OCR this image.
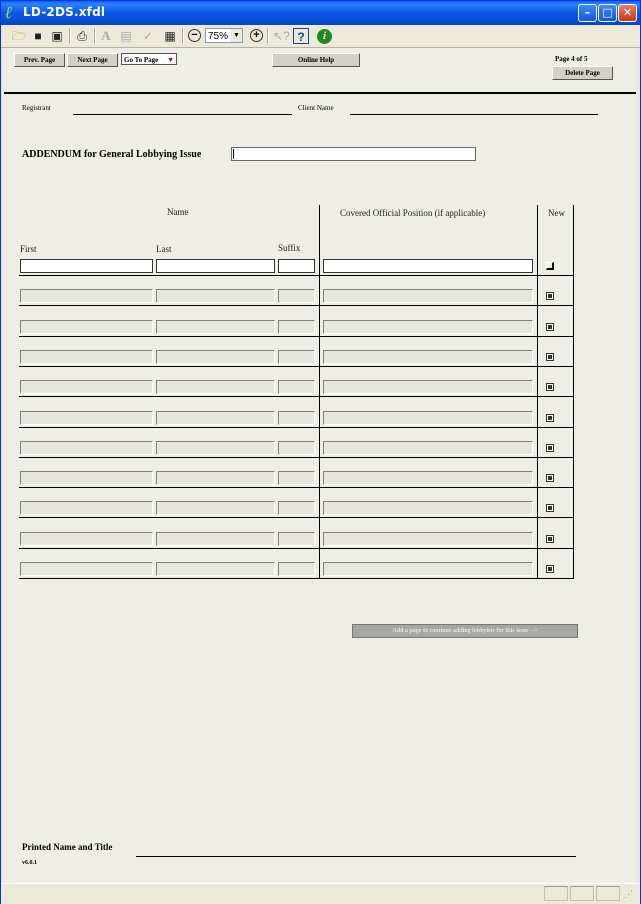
ℓ LD-2DS.xfdl	–	□ ✕
🗁 ■ ▣ ⎙ A ▤ ✓ ▦ −	75% ▼ + ↖? ?	i
Prev. Page	Next Page	Go To Page ▼	Online Help	Page 4 of 5
Delete Page
Registrant	Client Name
ADDENDUM for General Lobbying Issue
Name	Covered Official Position (if applicable)	New
First	Last	Suffix
Add a page to continue adding lobbyists for this issue -->
Printed Name and Title
v6.0.1
⋰
